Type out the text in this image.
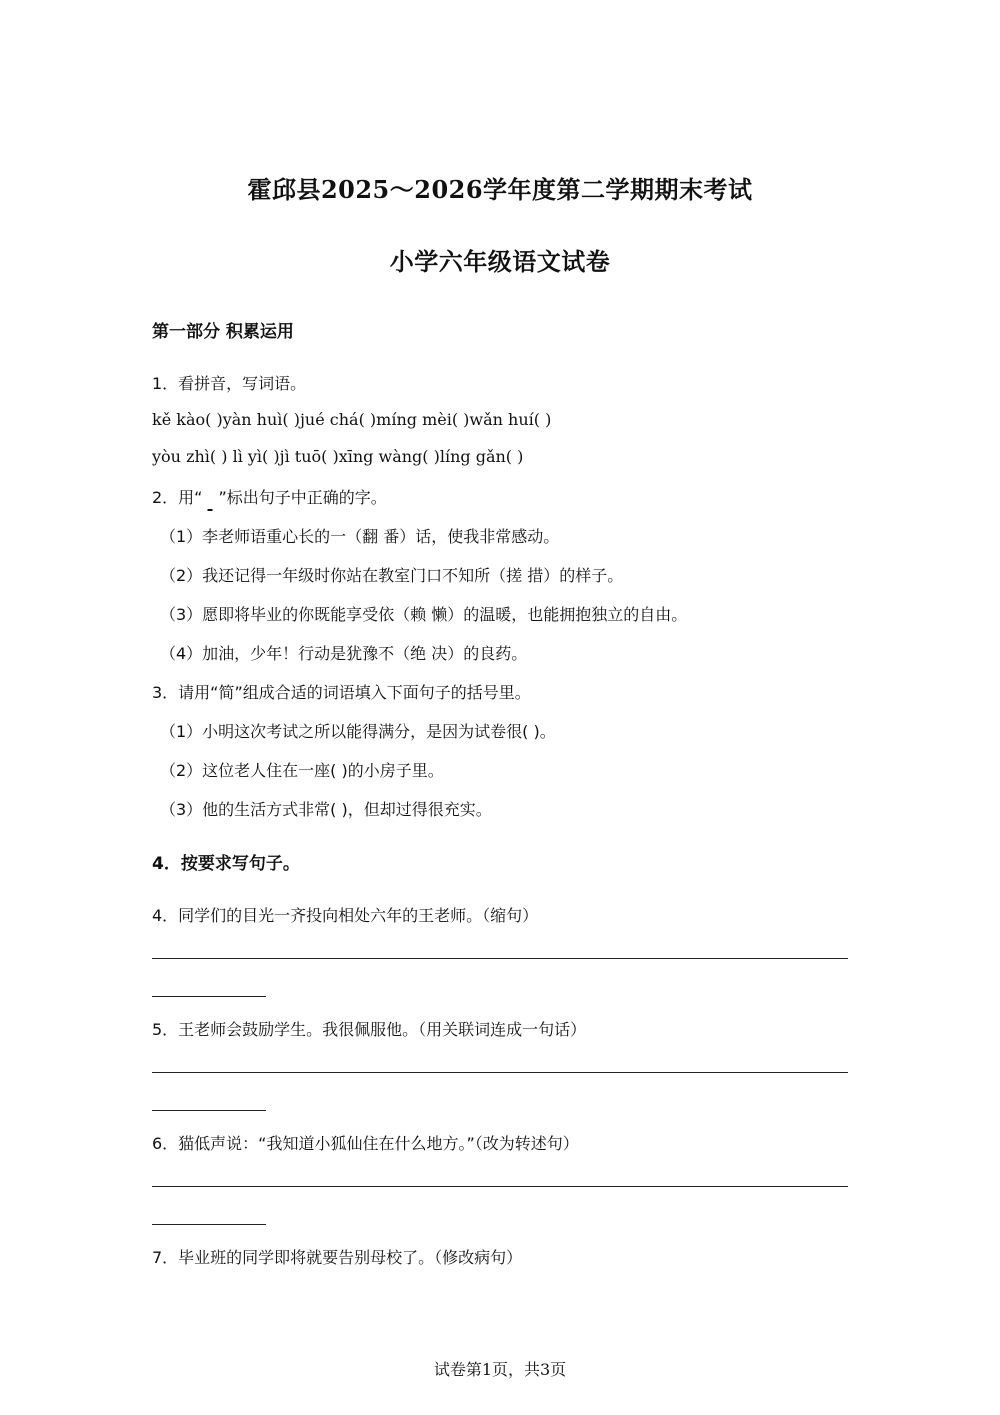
霍邱县2025～2026学年度第二学期期末考试
小学六年级语文试卷
第一部分 积累运用
1．看拼音，写词语。
kě kào( )yàn huì( )jué chá( )míng mèi( )wǎn huí( )
yòu zhì( ) lì yì( )jì tuō( )xīng wàng( )líng gǎn( )
2．用“ ”标出句子中正确的字。
（1）李老师语重心长的一（翻 番）话，使我非常感动。
（2）我还记得一年级时你站在教室门口不知所（搓 措）的样子。
（3）愿即将毕业的你既能享受依（赖 懒）的温暖，也能拥抱独立的自由。
（4）加油，少年！行动是犹豫不（绝 决）的良药。
3．请用“简”组成合适的词语填入下面句子的括号里。
（1）小明这次考试之所以能得满分，是因为试卷很( )。
（2）这位老人住在一座( )的小房子里。
（3）他的生活方式非常( )，但却过得很充实。
4．按要求写句子。
4．同学们的目光一齐投向相处六年的王老师。（缩句）
5．王老师会鼓励学生。我很佩服他。（用关联词连成一句话）
6．猫低声说：“我知道小狐仙住在什么地方。”（改为转述句）
7．毕业班的同学即将就要告别母校了。（修改病句）
试卷第1页，共3页
